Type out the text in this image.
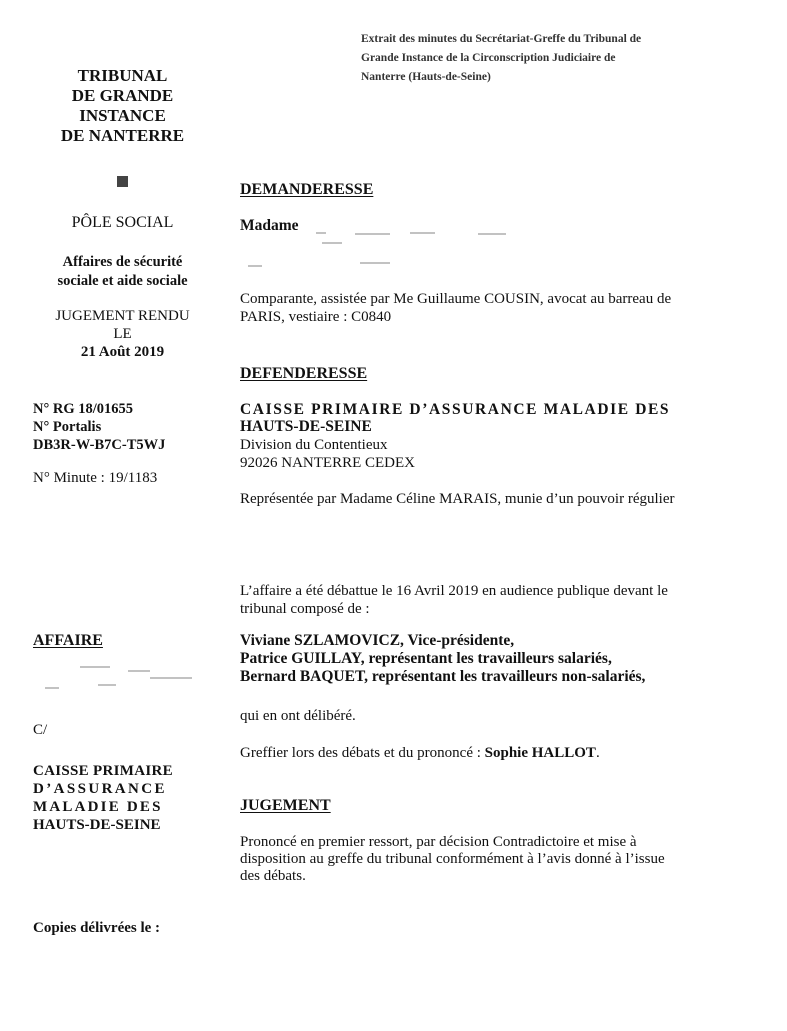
Extrait des minutes du Secrétariat-Greffe du Tribunal de
Grande Instance de la Circonscription Judiciaire de
Nanterre (Hauts-de-Seine)
TRIBUNAL
DE GRANDE
INSTANCE
DE NANTERRE
PÔLE SOCIAL
Affaires de sécurité
sociale et aide sociale
JUGEMENT RENDU
LE
21 Août 2019
N° RG 18/01655
N° Portalis
DB3R-W-B7C-T5WJ
N° Minute : 19/1183
AFFAIRE
C/
CAISSE PRIMAIRE
D’ASSURANCE
MALADIE DES
HAUTS-DE-SEINE
Copies délivrées le :
DEMANDERESSE
Madame
Comparante, assistée par Me Guillaume COUSIN, avocat au barreau de
PARIS, vestiaire : C0840
DEFENDERESSE
CAISSE PRIMAIRE D’ASSURANCE MALADIE DES
HAUTS-DE-SEINE
Division du Contentieux
92026 NANTERRE CEDEX
Représentée par Madame Céline MARAIS, munie d’un pouvoir régulier
L’affaire a été débattue le 16 Avril 2019 en audience publique devant le
tribunal composé de :
Viviane SZLAMOVICZ, Vice-présidente,
Patrice GUILLAY, représentant les travailleurs salariés,
Bernard BAQUET, représentant les travailleurs non-salariés,
qui en ont délibéré.
Greffier lors des débats et du prononcé : Sophie HALLOT.
JUGEMENT
Prononcé en premier ressort, par décision Contradictoire et mise à
disposition au greffe du tribunal conformément à l’avis donné à l’issue
des débats.
